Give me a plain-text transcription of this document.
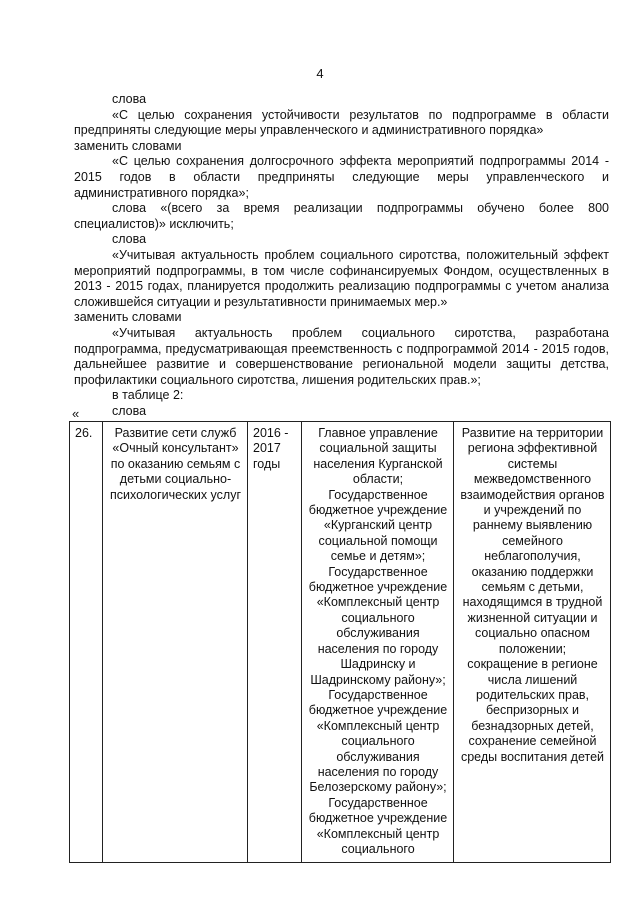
4

слова

«С целью сохранения устойчивости результатов по подпрограмме в области предприняты следующие меры управленческого и административного порядка»

заменить словами

«С целью сохранения долгосрочного эффекта мероприятий подпрограммы 2014 - 2015 годов в области предприняты следующие меры управленческого и административного порядка»;

слова «(всего за время реализации подпрограммы обучено более 800 специалистов)» исключить;

слова

«Учитывая актуальность проблем социального сиротства, положительный эффект мероприятий подпрограммы, в том числе софинансируемых Фондом, осуществленных в 2013 - 2015 годах, планируется продолжить реализацию подпрограммы с учетом анализа сложившейся ситуации и результативности принимаемых мер.»

заменить словами

«Учитывая актуальность проблем социального сиротства, разработана подпрограмма, предусматривающая преемственность с подпрограммой 2014 - 2015 годов, дальнейшее развитие и совершенствование региональной модели защиты детства, профилактики социального сиротства, лишения родительских прав.»;

в таблице 2:

слова

«
26.	Развитие сети служб «Очный консультант» по оказанию семьям с детьми социально-психологических услуг	2016 - 2017 годы	Главное управление социальной защиты населения Курганской области;
Государственное бюджетное учреждение «Курганский центр социальной помощи семье и детям»;
Государственное бюджетное учреждение «Комплексный центр социального обслуживания населения по городу Шадринску и Шадринскому району»;
Государственное бюджетное учреждение «Комплексный центр социального обслуживания населения по городу Белозерскому району»;
Государственное бюджетное учреждение «Комплексный центр социального	Развитие на территории региона эффективной системы межведомственного взаимодействия органов и учреждений по раннему выявлению семейного неблагополучия, оказанию поддержки семьям с детьми, находящимся в трудной жизненной ситуации и социально опасном положении;
сокращение в регионе числа лишений родительских прав, беспризорных и безнадзорных детей, сохранение семейной среды воспитания детей
